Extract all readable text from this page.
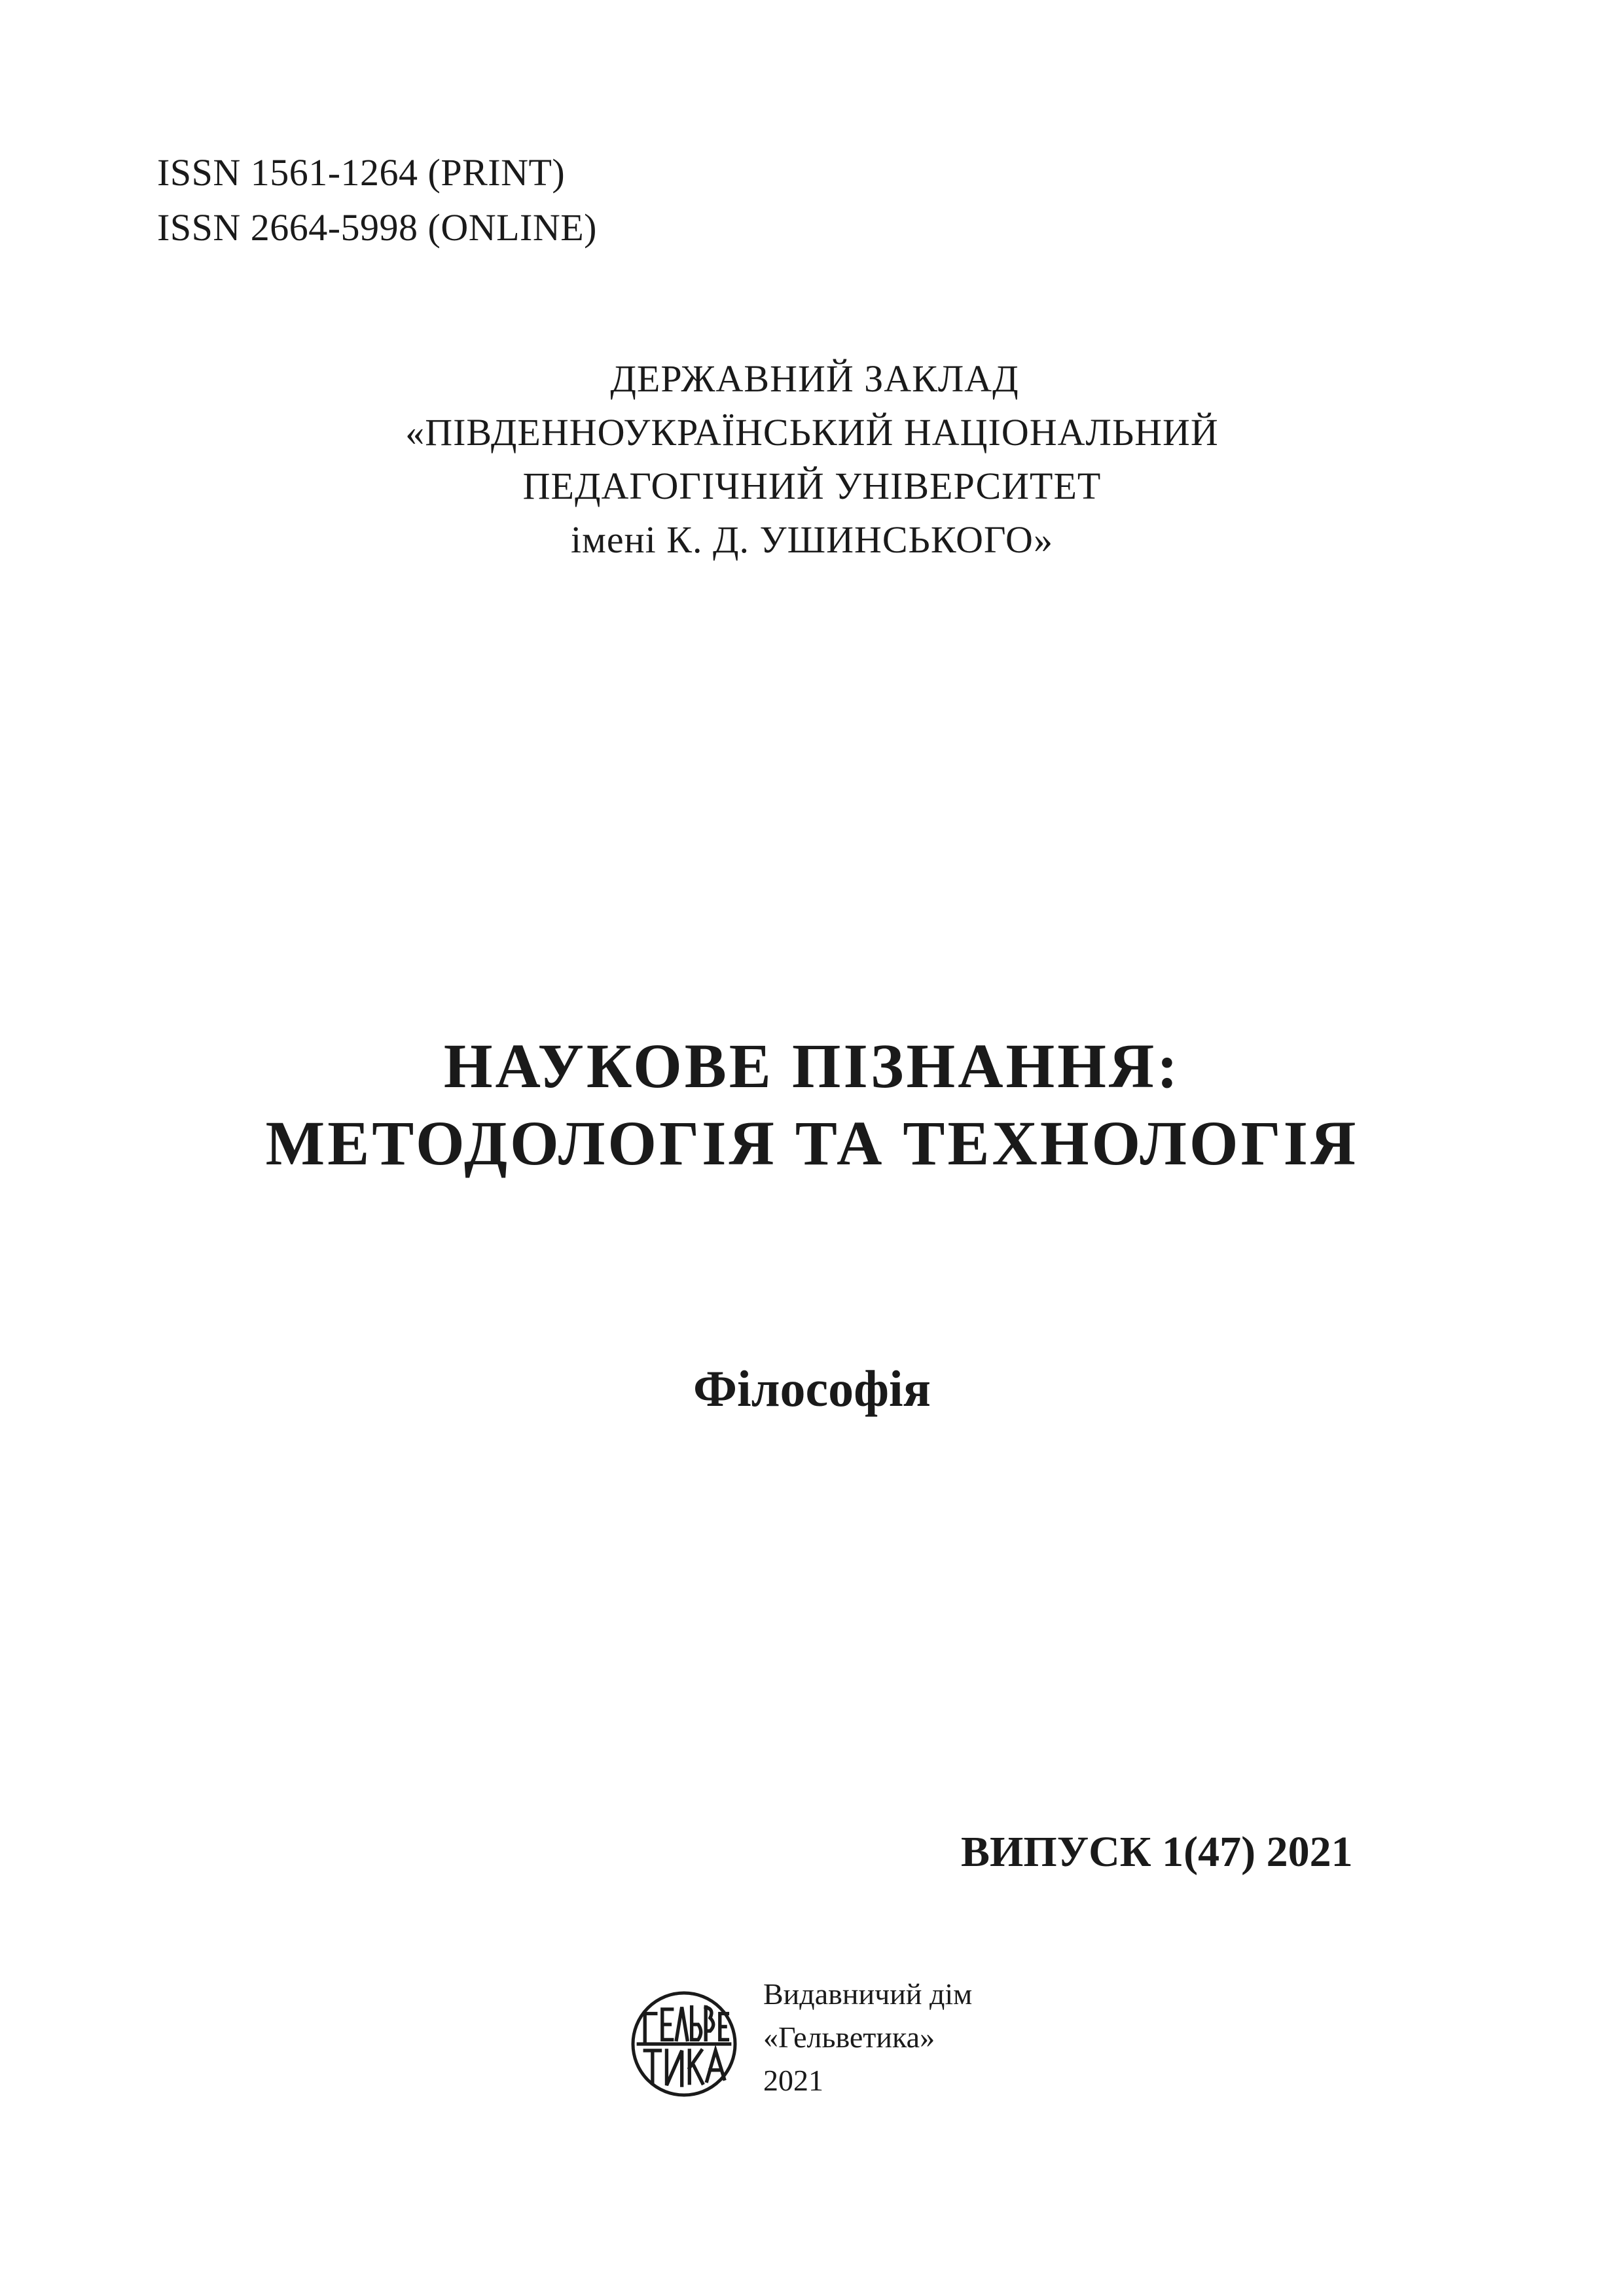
ISSN 1561-1264 (PRINT)
ISSN 2664-5998 (ONLINE)
ДЕРЖАВНИЙ ЗАКЛАД
«ПІВДЕННОУКРАЇНСЬКИЙ НАЦІОНАЛЬНИЙ
ПЕДАГОГІЧНИЙ УНІВЕРСИТЕТ
імені К. Д. УШИНСЬКОГО»
НАУКОВЕ ПІЗНАННЯ:
МЕТОДОЛОГІЯ ТА ТЕХНОЛОГІЯ
Філософія
ВИПУСК 1(47) 2021
Видавничий дім
«Гельветика»
2021
